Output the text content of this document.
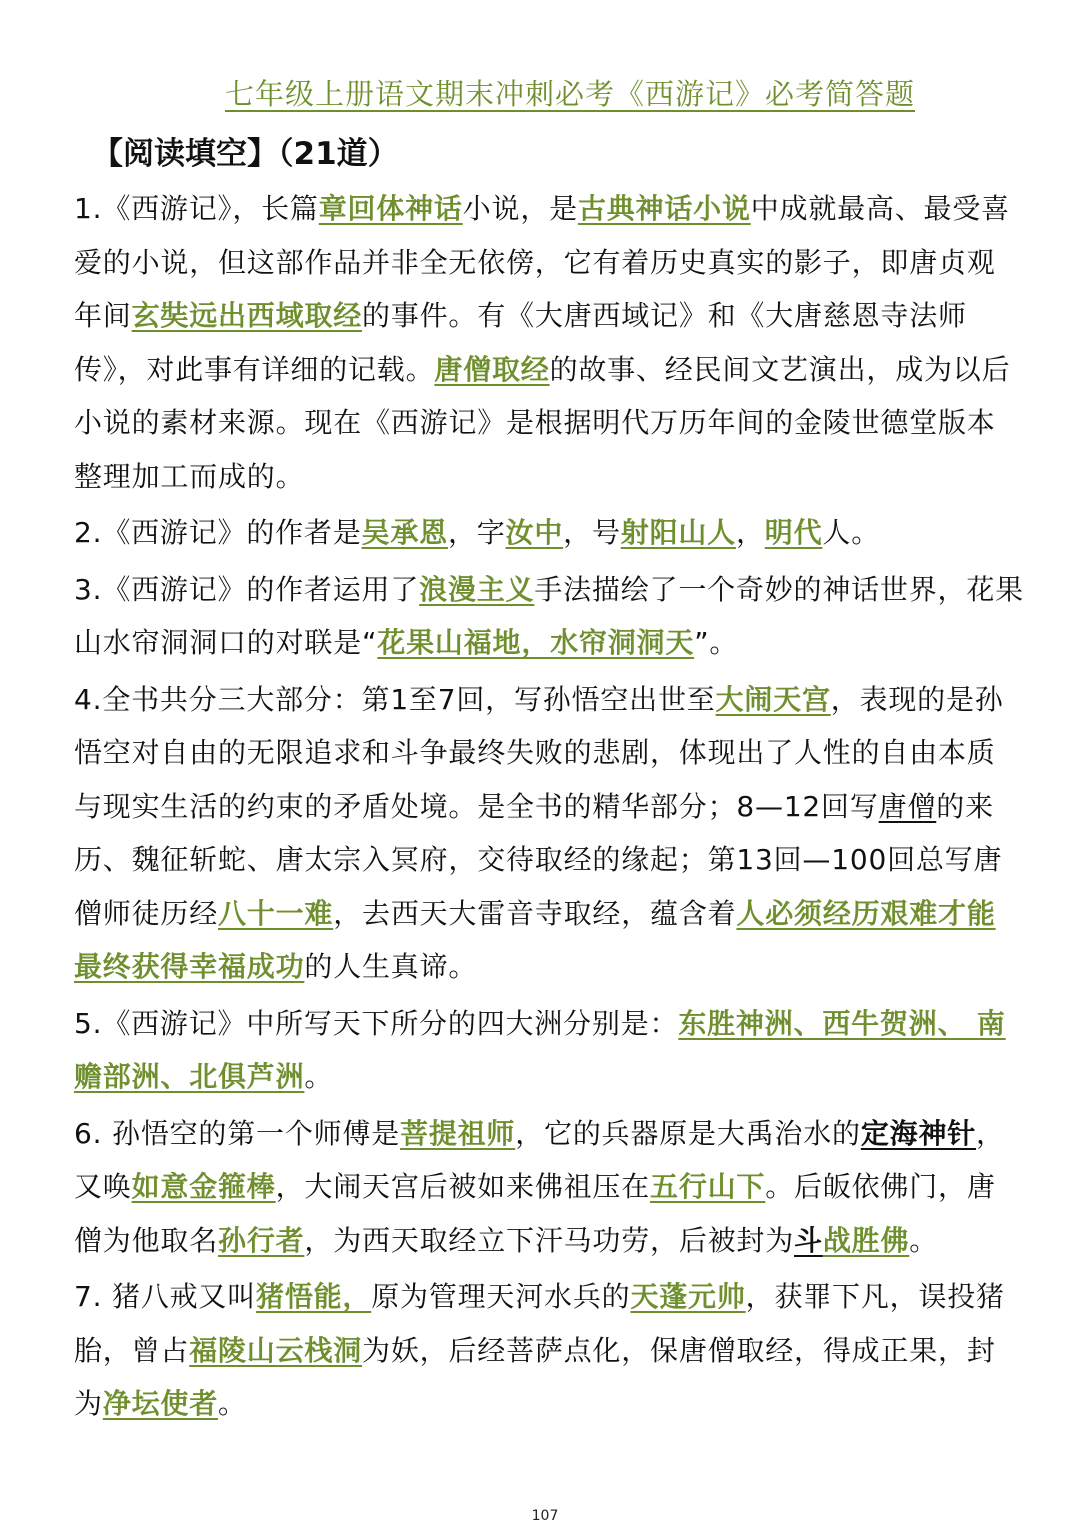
七年级上册语文期末冲刺必考《西游记》必考简答题
【阅读填空】（21道）
1.《西游记》，长篇章回体神话小说，是古典神话小说中成就最高、最受喜爱的小说，但这部作品并非全无依傍，它有着历史真实的影子，即唐贞观年间玄奘远出西域取经的事件。有《大唐西域记》和《大唐慈恩寺法师传》，对此事有详细的记载。唐僧取经的故事、经民间文艺演出，成为以后小说的素材来源。现在《西游记》是根据明代万历年间的金陵世德堂版本整理加工而成的。
2.《西游记》的作者是吴承恩，字汝中，号射阳山人，明代人。
3.《西游记》的作者运用了浪漫主义手法描绘了一个奇妙的神话世界，花果山水帘洞洞口的对联是“花果山福地，水帘洞洞天”。
4.全书共分三大部分：第1至7回，写孙悟空出世至大闹天宫，表现的是孙悟空对自由的无限追求和斗争最终失败的悲剧，体现出了人性的自由本质与现实生活的约束的矛盾处境。是全书的精华部分；8—12回写唐僧的来历、魏征斩蛇、唐太宗入冥府，交待取经的缘起；第13回—100回总写唐僧师徒历经八十一难，去西天大雷音寺取经，蕴含着人必须经历艰难才能最终获得幸福成功的人生真谛。
5.《西游记》中所写天下所分的四大洲分别是：东胜神洲、西牛贺洲、 南赡部洲、北俱芦洲。
6. 孙悟空的第一个师傅是菩提祖师，它的兵器原是大禹治水的定海神针，又唤如意金箍棒，大闹天宫后被如来佛祖压在五行山下。后皈依佛门，唐僧为他取名孙行者，为西天取经立下汗马功劳，后被封为斗战胜佛。
7. 猪八戒又叫猪悟能，原为管理天河水兵的天蓬元帅，获罪下凡，误投猪胎，曾占福陵山云栈洞为妖，后经菩萨点化，保唐僧取经，得成正果，封为净坛使者。
107
